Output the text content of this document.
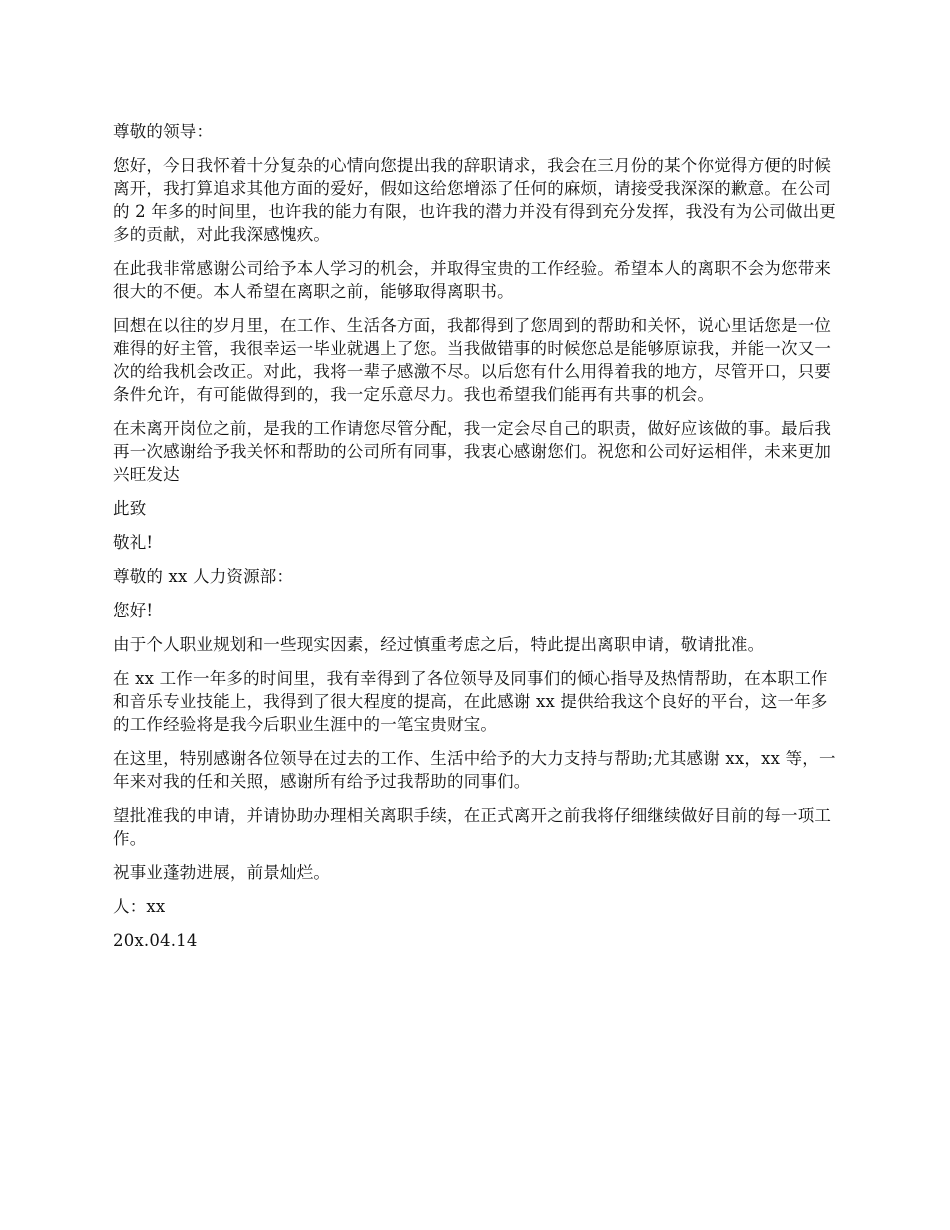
尊敬的领导：

您好，今日我怀着十分复杂的心情向您提出我的辞职请求，我会在三月份的某个你觉得方便的时候离开，我打算追求其他方面的爱好，假如这给您增添了任何的麻烦，请接受我深深的歉意。在公司的 2 年多的时间里，也许我的能力有限，也许我的潜力并没有得到充分发挥，我没有为公司做出更多的贡献，对此我深感愧疚。

在此我非常感谢公司给予本人学习的机会，并取得宝贵的工作经验。希望本人的离职不会为您带来很大的不便。本人希望在离职之前，能够取得离职书。

回想在以往的岁月里，在工作、生活各方面，我都得到了您周到的帮助和关怀，说心里话您是一位难得的好主管，我很幸运一毕业就遇上了您。当我做错事的时候您总是能够原谅我，并能一次又一次的给我机会改正。对此，我将一辈子感激不尽。以后您有什么用得着我的地方，尽管开口，只要条件允许，有可能做得到的，我一定乐意尽力。我也希望我们能再有共事的机会。

在未离开岗位之前，是我的工作请您尽管分配，我一定会尽自己的职责，做好应该做的事。最后我再一次感谢给予我关怀和帮助的公司所有同事，我衷心感谢您们。祝您和公司好运相伴，未来更加兴旺发达

此致

敬礼!

尊敬的 xx 人力资源部：

您好!

由于个人职业规划和一些现实因素，经过慎重考虑之后，特此提出离职申请，敬请批准。

在 xx 工作一年多的时间里，我有幸得到了各位领导及同事们的倾心指导及热情帮助，在本职工作和音乐专业技能上，我得到了很大程度的提高，在此感谢 xx 提供给我这个良好的平台，这一年多的工作经验将是我今后职业生涯中的一笔宝贵财宝。

在这里，特别感谢各位领导在过去的工作、生活中给予的大力支持与帮助;尤其感谢 xx，xx 等，一年来对我的任和关照，感谢所有给予过我帮助的同事们。

望批准我的申请，并请协助办理相关离职手续，在正式离开之前我将仔细继续做好目前的每一项工作。

祝事业蓬勃进展，前景灿烂。

人：xx

20x.04.14
